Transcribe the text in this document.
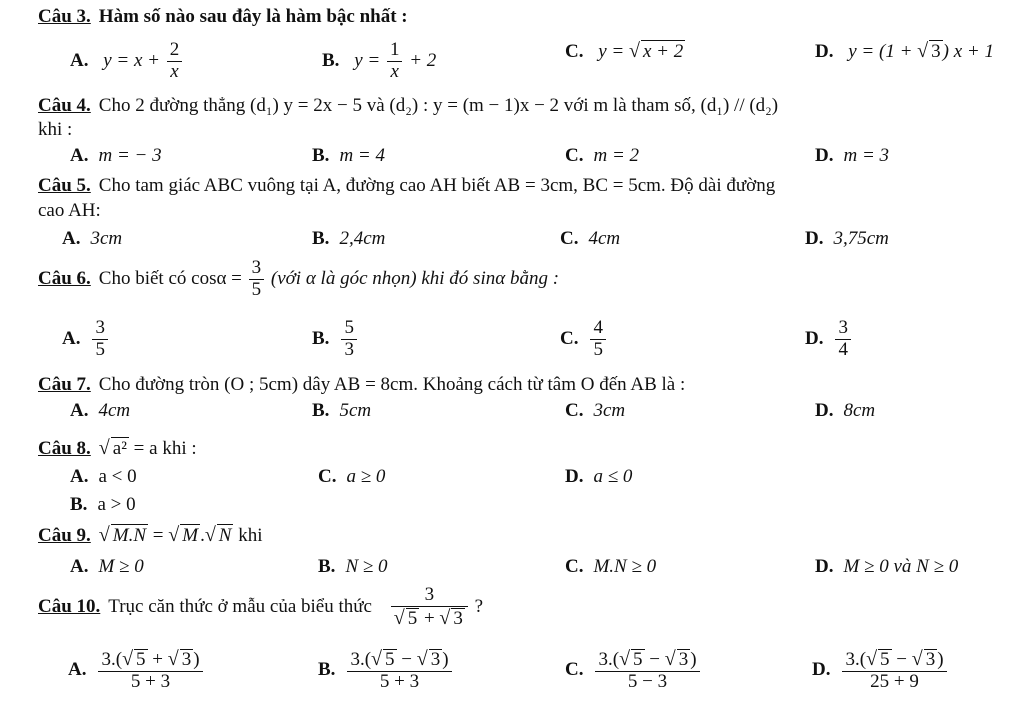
Câu 3. Hàm số nào sau đây là hàm bậc nhất :
A. $y = x + \frac{2}{x}$	B. $y = \frac{1}{x} + 2$	C. y = √ x + 2	D. y = (1 + √ 3 ) x + 1
Câu 4. Cho 2 đường thẳng (d₁) y = 2x − 5 và (d₂) : y = (m − 1)x − 2 với m là tham số, (d₁) // (d₂)
khi :
A. m = − 3	B. m = 4	C. m = 2	D. m = 3
Câu 5. Cho tam giác ABC vuông tại A, đường cao AH biết AB = 3cm, BC = 5cm. Độ dài đường
cao AH:
A. 3cm	B. 2,4cm	C. 4cm	D. 3,75cm
Câu 6. Cho biết có $\cos\alpha = \frac{3}{5}$ (với α là góc nhọn) khi đó sinα bằng :
A. $\frac{3}{5}$	B. $\frac{5}{3}$	C. $\frac{4}{5}$	D. $\frac{3}{4}$
Câu 7. Cho đường tròn (O ; 5cm) dây AB = 8cm. Khoảng cách từ tâm O đến AB là :
A. 4cm	B. 5cm	C. 3cm	D. 8cm
Câu 8. √ a² = a khi :
A. a < 0	C. a ≥ 0	D. a ≤ 0
B. a > 0
Câu 9. √ M.N = √ M .√ N khi
A. M ≥ 0	B. N ≥ 0	C. M.N ≥ 0	D. M ≥ 0 và N ≥ 0
Câu 10. Trục căn thức ở mẫu của biểu thức $\frac{3}{√ 5 + √ 3}$ ?
A. $\frac{3.(√ 5 + √ 3 )}{5 + 3}$	B. $\frac{3.(√ 5 - √ 3 )}{5 + 3}$	C. $\frac{3.(√ 5 - √ 3 )}{5 - 3}$	D. $\frac{3.(√ 5 - √ 3 )}{25 + 9}$
